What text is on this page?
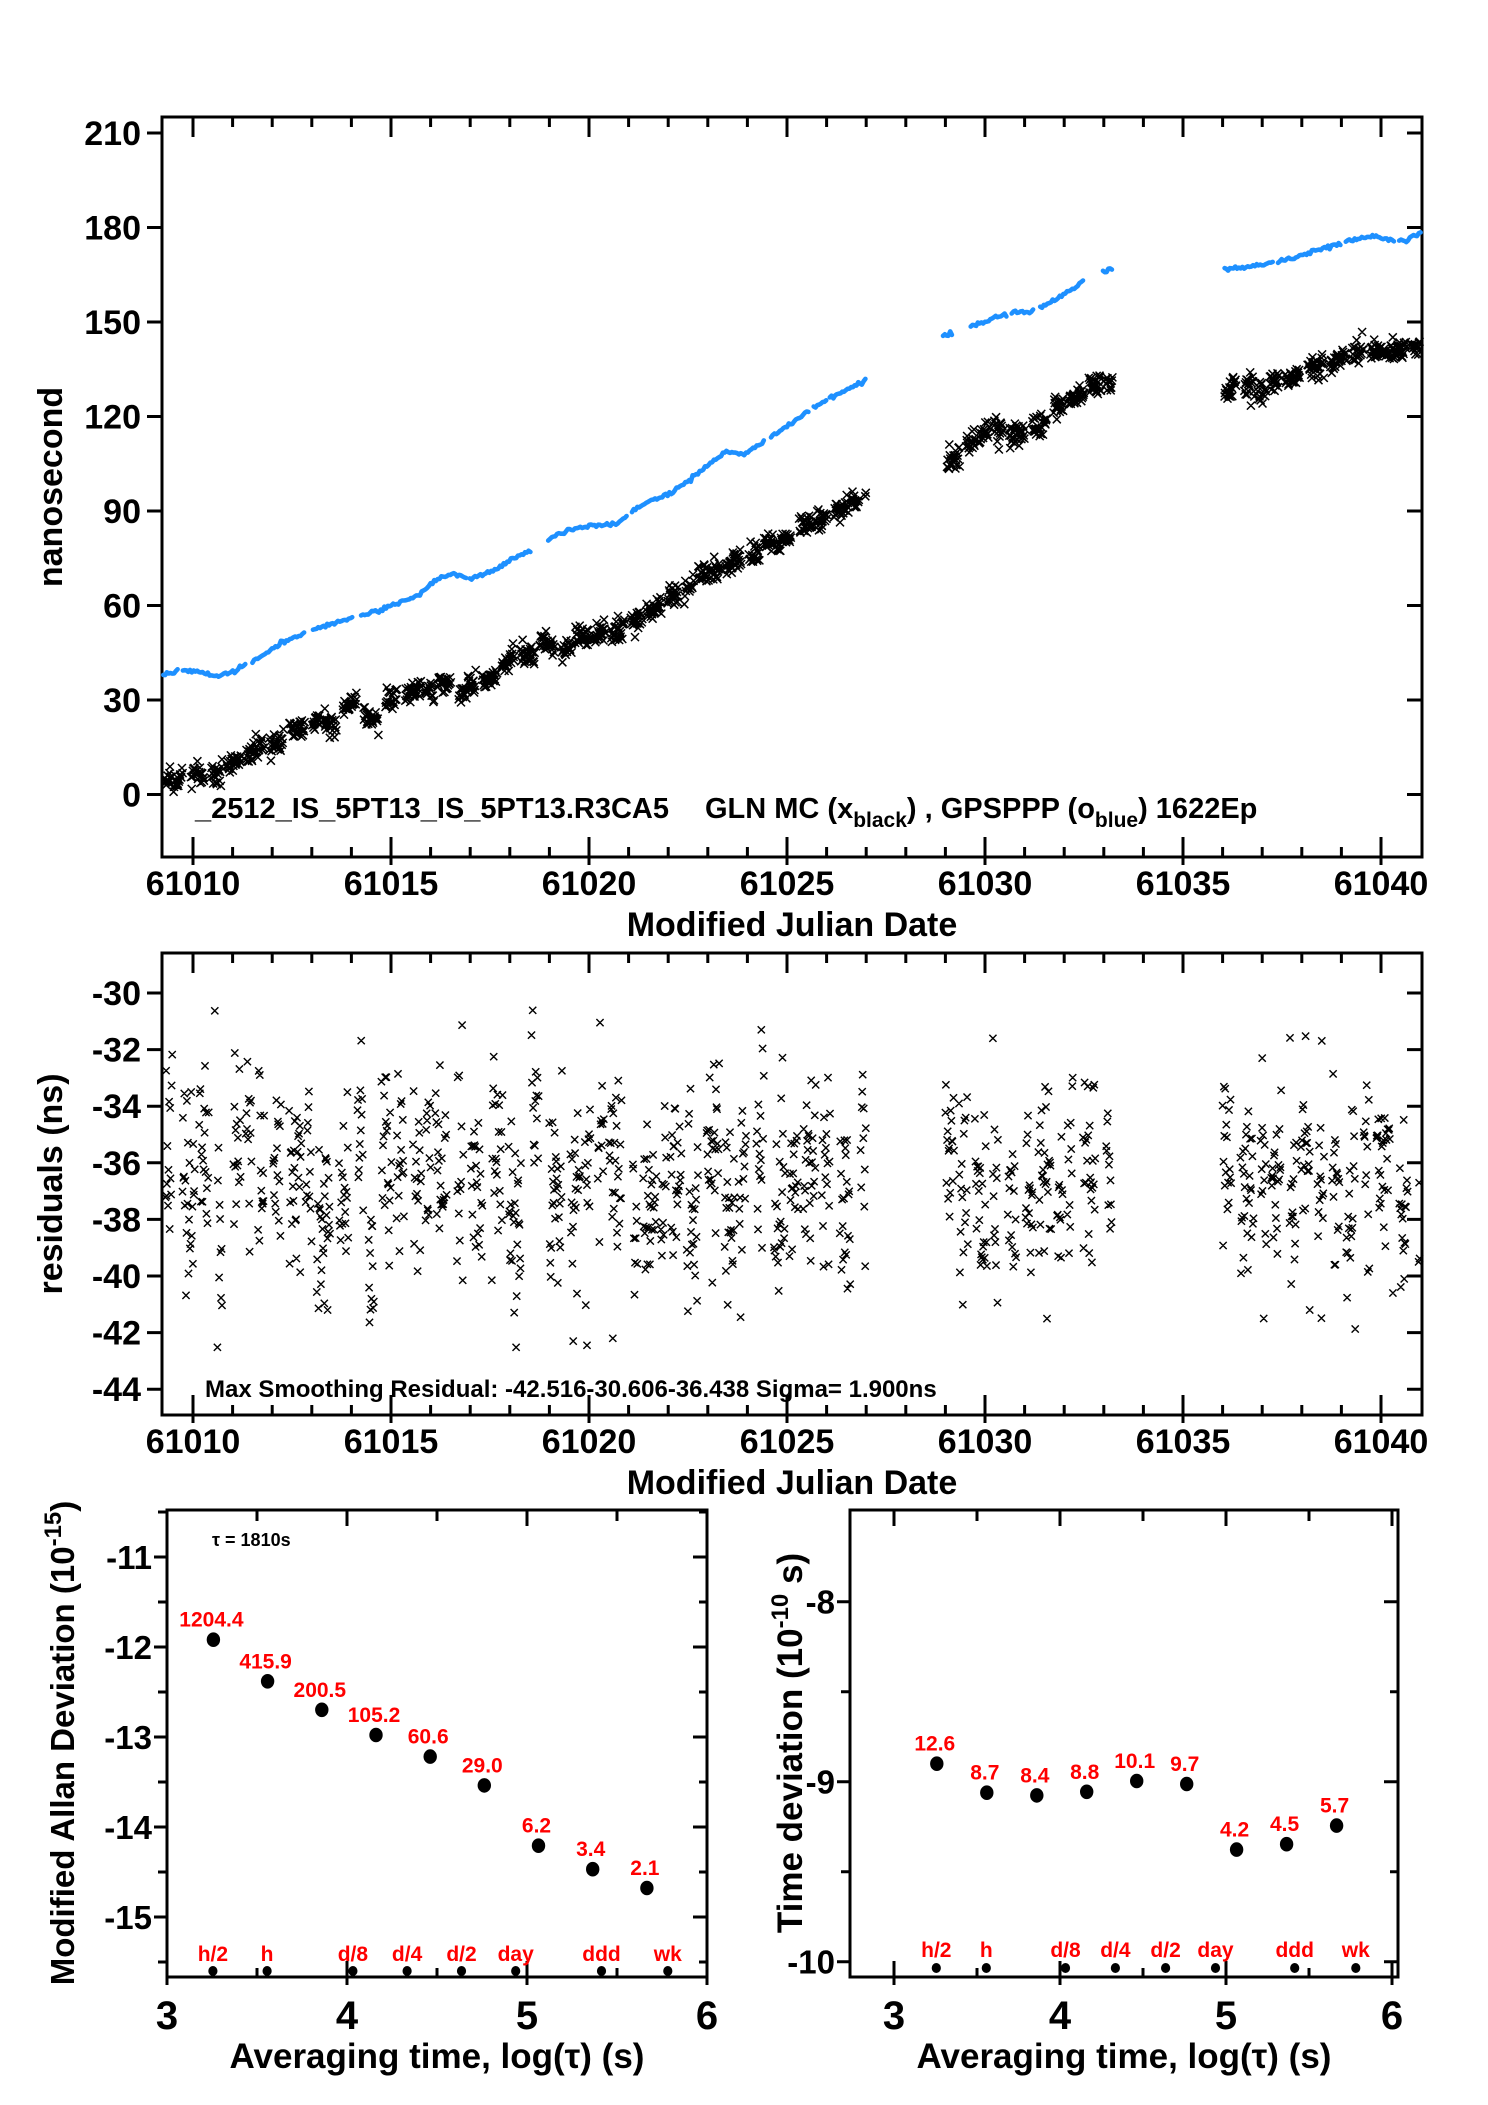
61010	61015	61020	61025	61030	61035	61040
0
30
60
90
120
150
180
210
_2512_IS_5PT13_IS_5PT13.R3CA5 GLN MC $(x_{black})$ , GPSPPP $(o_{blue})$ 1622Ep
Modified Julian Date
nanosecond
61010	61015	61020	61025	61030	61035	61040
-44
-42
-40
-38
-36
-34
-32
-30
Max Smoothing Residual: -42.516-30.606-36.438 Sigma= 1.900ns
Modified Julian Date
residuals (ns)
3	4	5	6
-11
-12
-13
-14
-15
1204.4
415.9
200.5
105.2
60.6
29.0
6.2
3.4
2.1
h/2 h	d/8 d/4 d/2 day ddd wk
τ = 1810s
Averaging time, log(τ) (s)
Modified Allan Deviation (10-15)
3	4	5	6
-8
-9
-10
12.6
8.7 8.4 8.8 10.1 9.7
4.2 4.5
5.7
h/2 h	d/8 d/4 d/2 day ddd wk
Averaging time, log(τ) (s)
Time deviation (10-10 s)
